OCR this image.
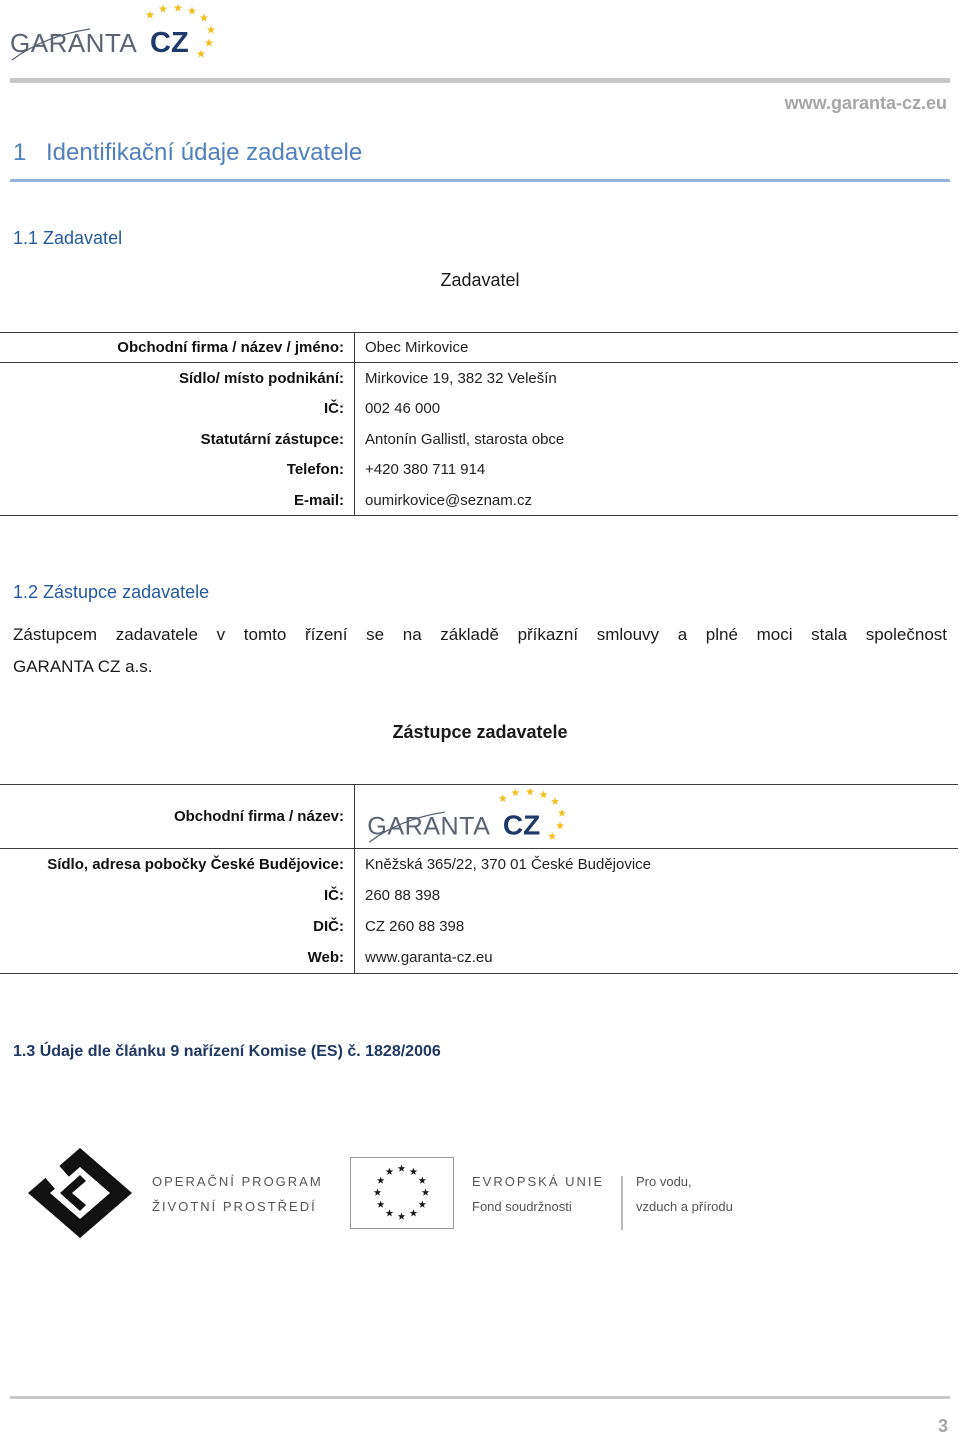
GARANTA CZ
www.garanta-cz.eu
1 Identifikační údaje zadavatele
1.1 Zadavatel
Zadavatel
Obchodní firma / název / jméno:	Obec Mirkovice
Sídlo/ místo podnikání:	Mirkovice 19, 382 32 Velešín
IČ:	002 46 000
Statutární zástupce:	Antonín Gallistl, starosta obce
Telefon:	+420 380 711 914
E-mail:	oumirkovice@seznam.cz
1.2 Zástupce zadavatele
Zástupcem zadavatele v tomto řízení se na základě příkazní smlouvy a plné moci stala společnost
GARANTA CZ a.s.
Zástupce zadavatele
Obchodní firma / název: GARANTA CZ
Sídlo, adresa pobočky České Budějovice:	Kněžská 365/22, 370 01 České Budějovice
IČ:	260 88 398
DIČ:	CZ 260 88 398
Web:	www.garanta-cz.eu
1.3 Údaje dle článku 9 nařízení Komise (ES) č. 1828/2006
OPERAČNÍ PROGRAM
ŽIVOTNÍ PROSTŘEDÍ
EVROPSKÁ UNIE
Fond soudržnosti
Pro vodu,
vzduch a přírodu
3
